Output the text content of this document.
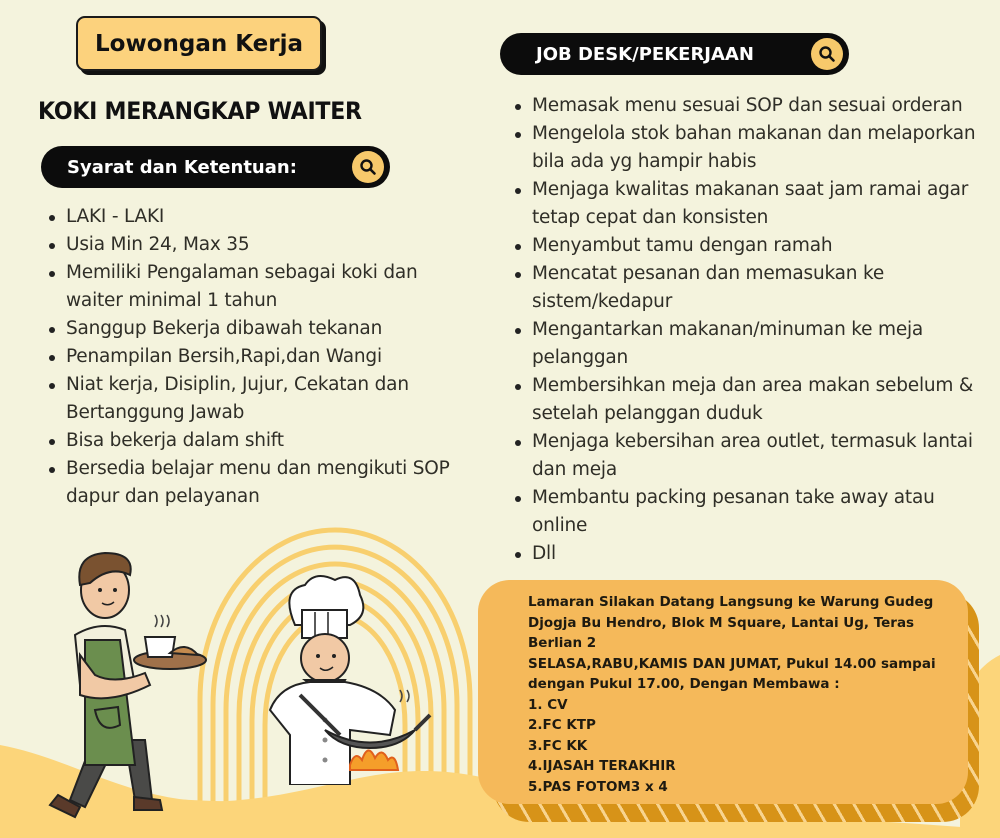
Lowongan Kerja
KOKI MERANGKAP WAITER
Syarat dan Ketentuan:
LAKI - LAKI
Usia Min 24, Max 35
Memiliki Pengalaman sebagai koki dan waiter minimal 1 tahun
Sanggup Bekerja dibawah tekanan
Penampilan Bersih,Rapi,dan Wangi
Niat kerja, Disiplin, Jujur, Cekatan dan Bertanggung Jawab
Bisa bekerja dalam shift
Bersedia belajar menu dan mengikuti SOP dapur dan pelayanan
JOB DESK/PEKERJAAN
Memasak menu sesuai SOP dan sesuai orderan
Mengelola stok bahan makanan dan melaporkan bila ada yg hampir habis
Menjaga kwalitas makanan saat jam ramai agar tetap cepat dan konsisten
Menyambut tamu dengan ramah
Mencatat pesanan dan memasukan ke sistem/kedapur
Mengantarkan makanan/minuman ke meja pelanggan
Membersihkan meja dan area makan sebelum & setelah pelanggan duduk
Menjaga kebersihan area outlet, termasuk lantai dan meja
Membantu packing pesanan take away atau online
Dll

Lamaran Silakan Datang Langsung ke Warung Gudeg Djogja Bu Hendro, Blok M Square, Lantai Ug, Teras Berlian 2

SELASA,RABU,KAMIS DAN JUMAT, Pukul 14.00 sampai dengan Pukul 17.00, Dengan Membawa :

1. CV

2.FC KTP

3.FC KK

4.IJASAH TERAKHIR

5.PAS FOTOM3 x 4
